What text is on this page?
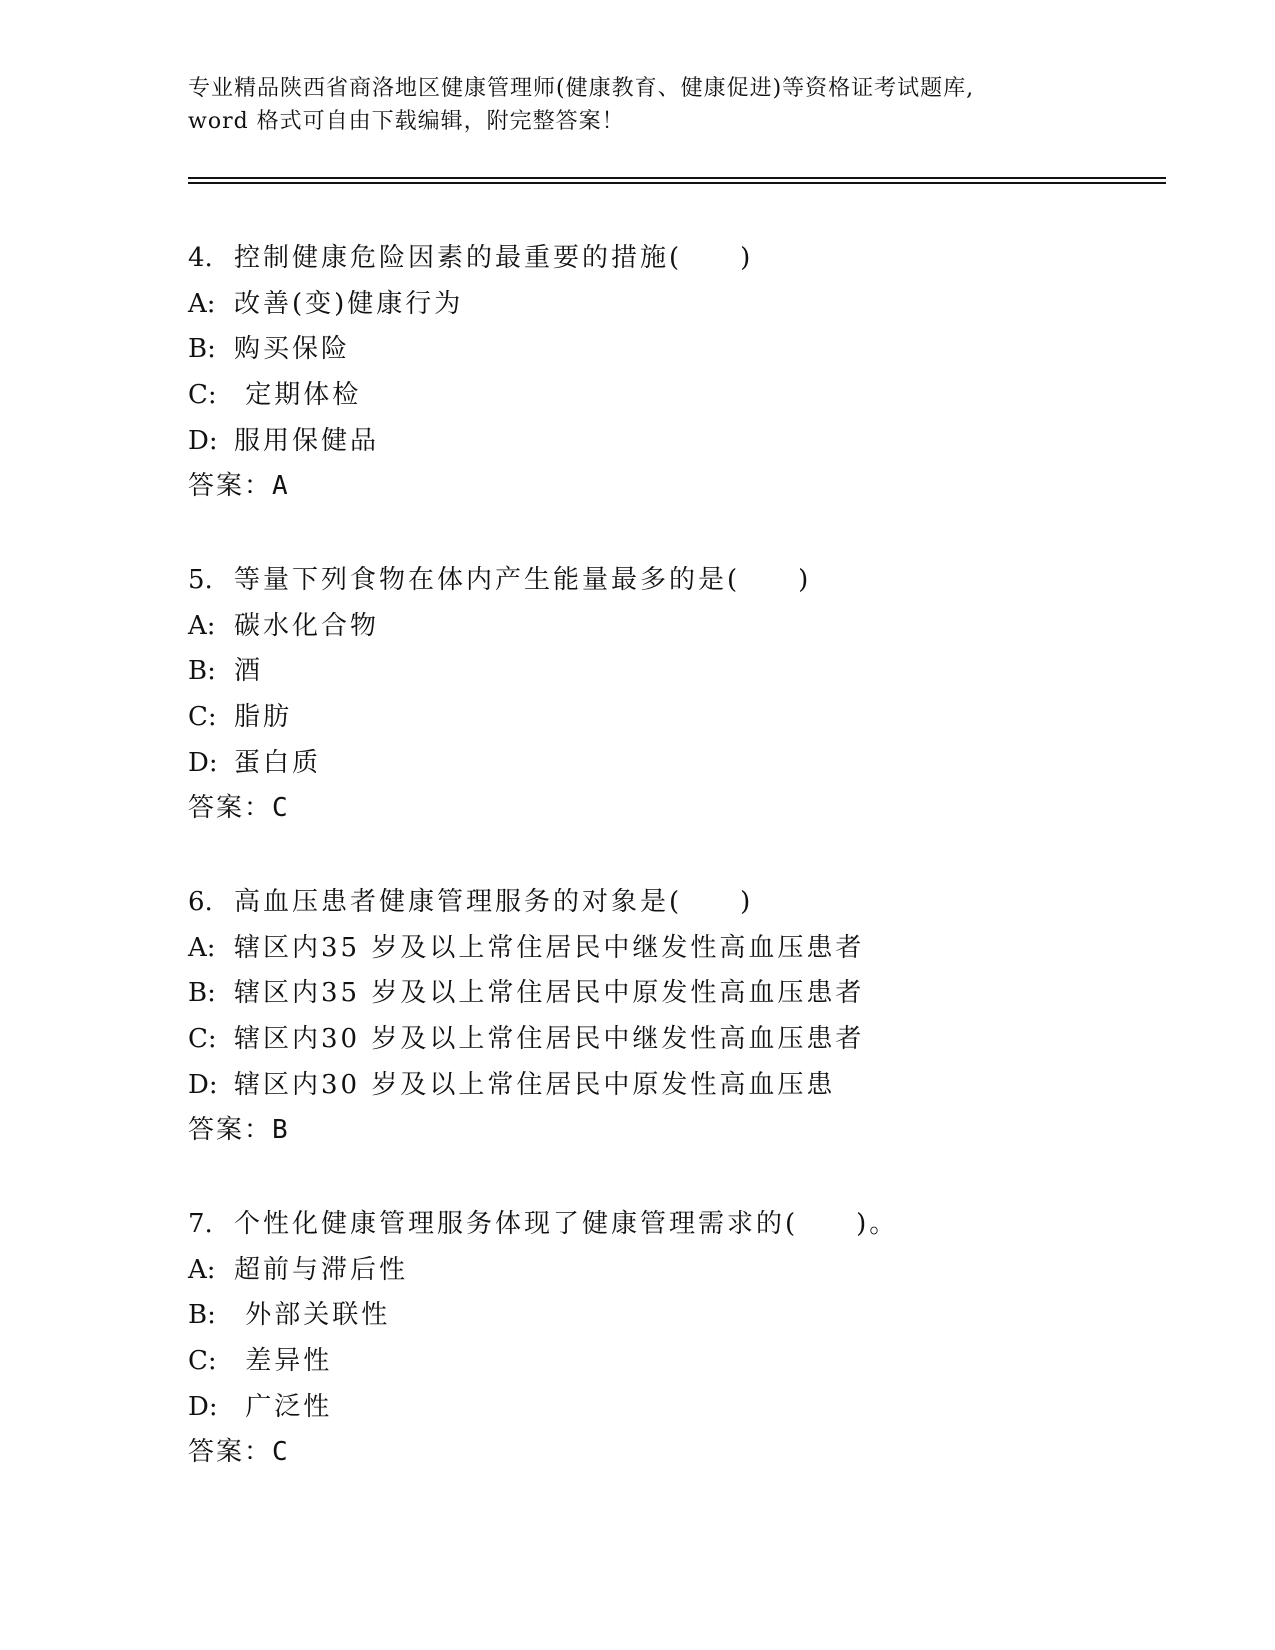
专业精品陕西省商洛地区健康管理师(健康教育、健康促进)等资格证考试题库,
word 格式可自由下载编辑，附完整答案！
4. 控制健康危险因素的最重要的措施(　　)
A: 改善(变)健康行为
B: 购买保险
C: 定期体检
D: 服用保健品
答案：A
5. 等量下列食物在体内产生能量最多的是(　　)
A: 碳水化合物
B: 酒
C: 脂肪
D: 蛋白质
答案：C
6. 高血压患者健康管理服务的对象是(　　)
A: 辖区内35 岁及以上常住居民中继发性高血压患者
B: 辖区内35 岁及以上常住居民中原发性高血压患者
C: 辖区内30 岁及以上常住居民中继发性高血压患者
D: 辖区内30 岁及以上常住居民中原发性高血压患
答案：B
7. 个性化健康管理服务体现了健康管理需求的(　　)。
A: 超前与滞后性
B: 外部关联性
C: 差异性
D: 广泛性
答案：C
